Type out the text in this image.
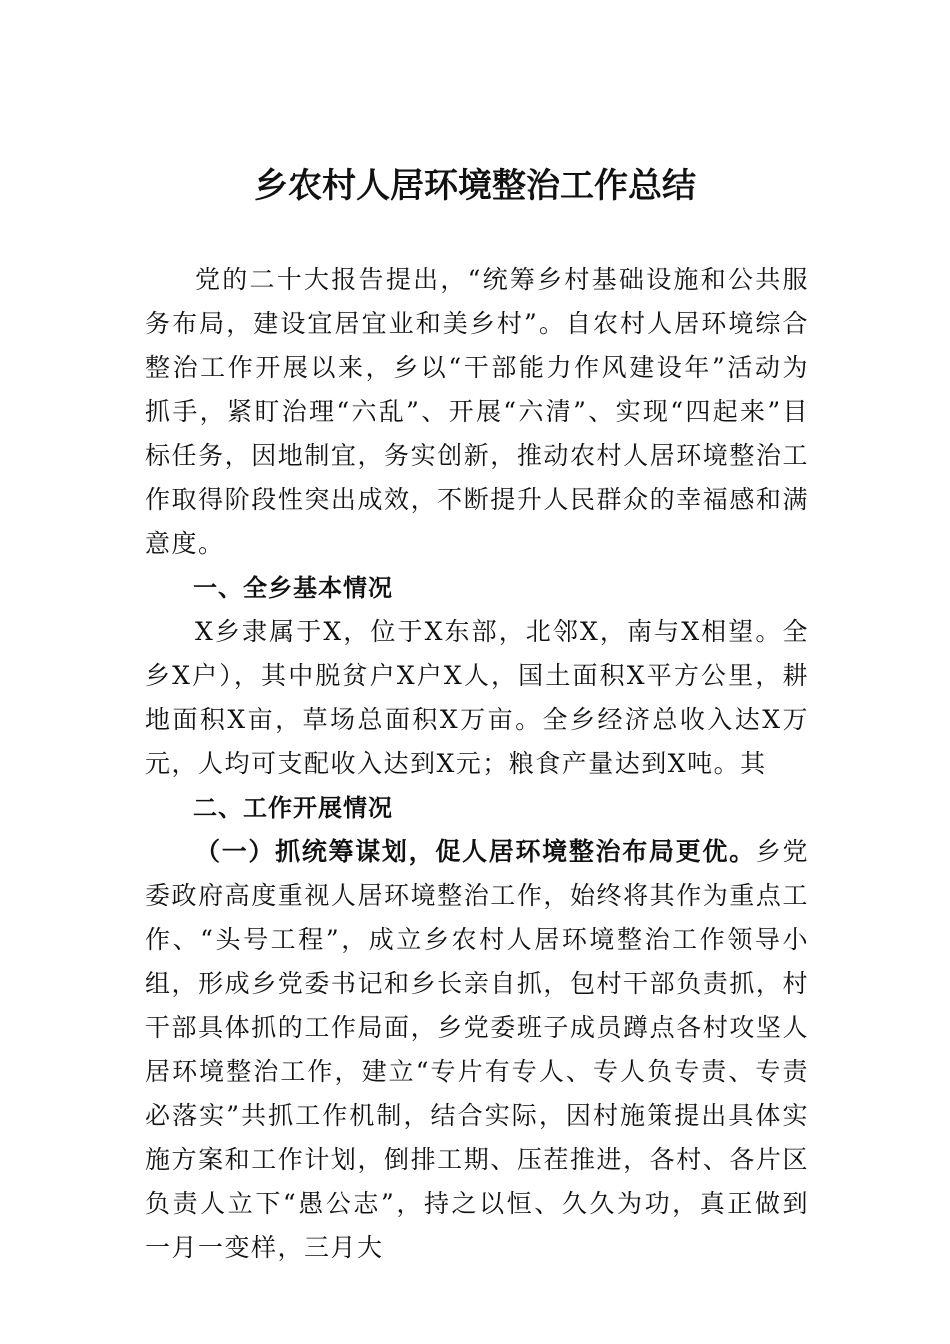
乡农村人居环境整治工作总结

党的二十大报告提出，“统筹乡村基础设施和公共服务布局，建设宜居宜业和美乡村”。自农村人居环境综合整治工作开展以来，乡以“干部能力作风建设年”活动为抓手，紧盯治理“六乱”、开展“六清”、实现“四起来”目标任务，因地制宜，务实创新，推动农村人居环境整治工作取得阶段性突出成效，不断提升人民群众的幸福感和满意度。

一、全乡基本情况

X乡隶属于X，位于X东部，北邻X，南与X相望。全乡X户），其中脱贫户X户X人，国土面积X平方公里，耕地面积X亩，草场总面积X万亩。全乡经济总收入达X万元，人均可支配收入达到X元；粮食产量达到X吨。其

二、工作开展情况

（一）抓统筹谋划，促人居环境整治布局更优。乡党委政府高度重视人居环境整治工作，始终将其作为重点工作、“头号工程”，成立乡农村人居环境整治工作领导小组，形成乡党委书记和乡长亲自抓，包村干部负责抓，村干部具体抓的工作局面，乡党委班子成员蹲点各村攻坚人居环境整治工作，建立“专片有专人、专人负专责、专责必落实”共抓工作机制，结合实际，因村施策提出具体实施方案和工作计划，倒排工期、压茬推进，各村、各片区负责人立下“愚公志”，持之以恒、久久为功，真正做到一月一变样，三月大
